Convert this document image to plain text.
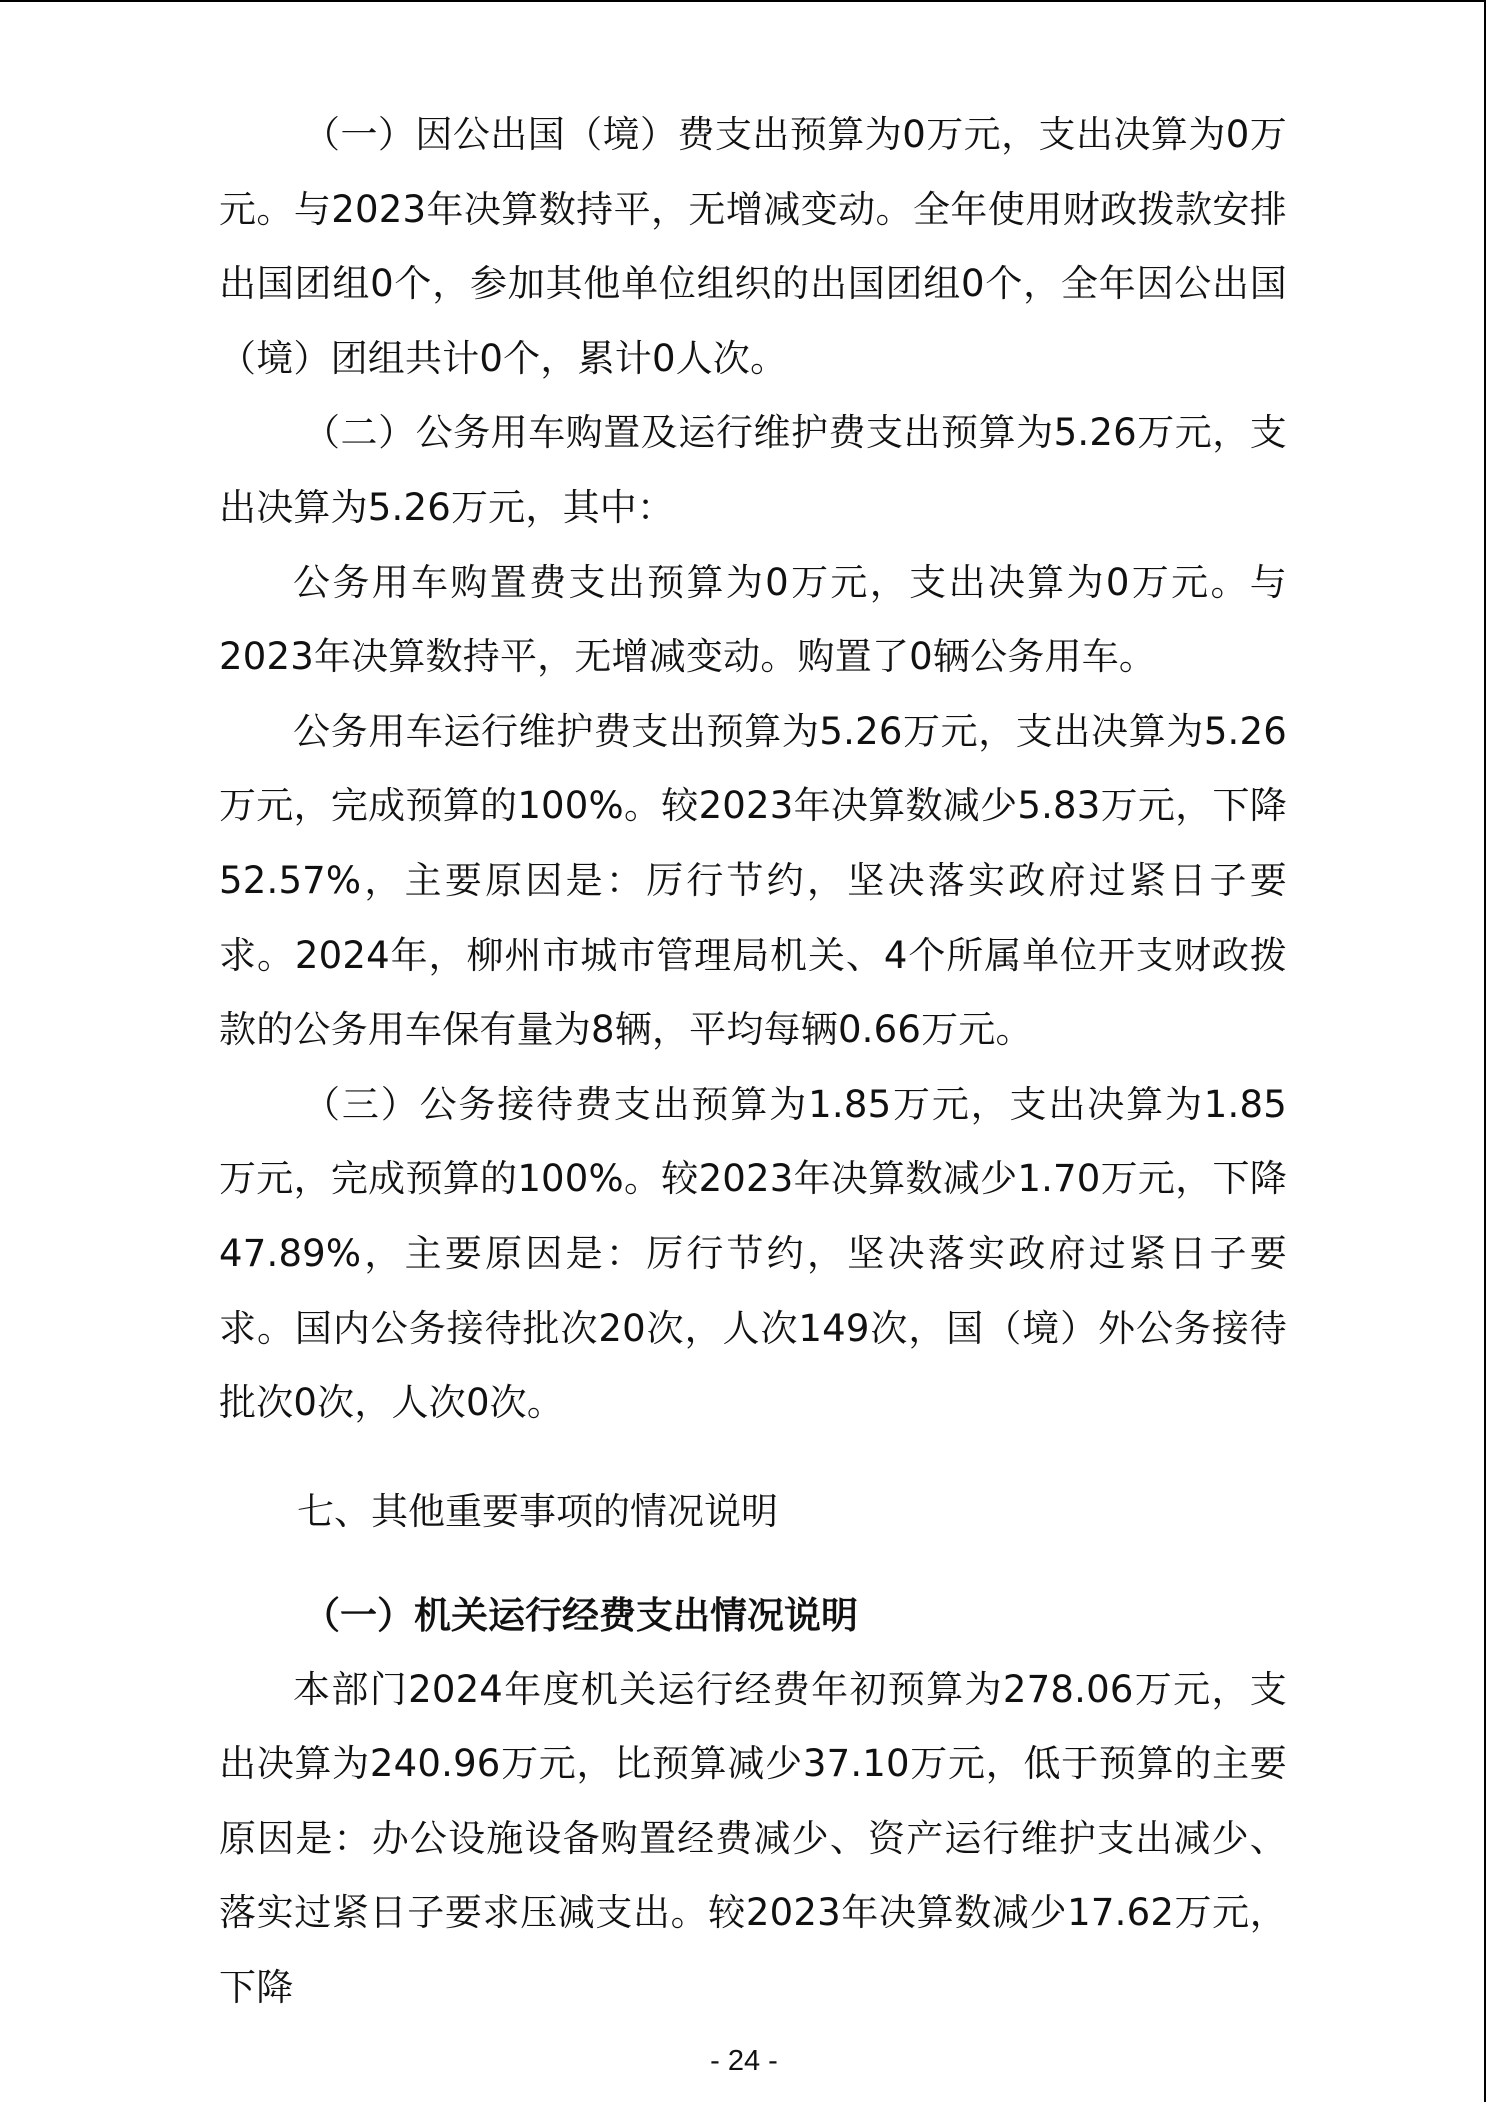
（一）因公出国（境）费支出预算为0万元，支出决算为0万元。与2023年决算数持平，无增减变动。全年使用财政拨款安排出国团组0个，参加其他单位组织的出国团组0个，全年因公出国（境）团组共计0个，累计0人次。

（二）公务用车购置及运行维护费支出预算为5.26万元，支出决算为5.26万元，其中：

公务用车购置费支出预算为0万元，支出决算为0万元。与2023年决算数持平，无增减变动。购置了0辆公务用车。

公务用车运行维护费支出预算为5.26万元，支出决算为5.26万元，完成预算的100%。较2023年决算数减少5.83万元，下降52.57%，主要原因是：厉行节约，坚决落实政府过紧日子要求。2024年，柳州市城市管理局机关、4个所属单位开支财政拨款的公务用车保有量为8辆，平均每辆0.66万元。

（三）公务接待费支出预算为1.85万元，支出决算为1.85万元，完成预算的100%。较2023年决算数减少1.70万元，下降47.89%，主要原因是：厉行节约，坚决落实政府过紧日子要求。国内公务接待批次20次，人次149次，国（境）外公务接待批次0次，人次0次。

七、其他重要事项的情况说明
（一）机关运行经费支出情况说明

本部门2024年度机关运行经费年初预算为278.06万元，支出决算为240.96万元，比预算减少37.10万元，低于预算的主要原因是：办公设施设备购置经费减少、资产运行维护支出减少、落实过紧日子要求压减支出。较2023年决算数减少17.62万元，下降

- 24 -
